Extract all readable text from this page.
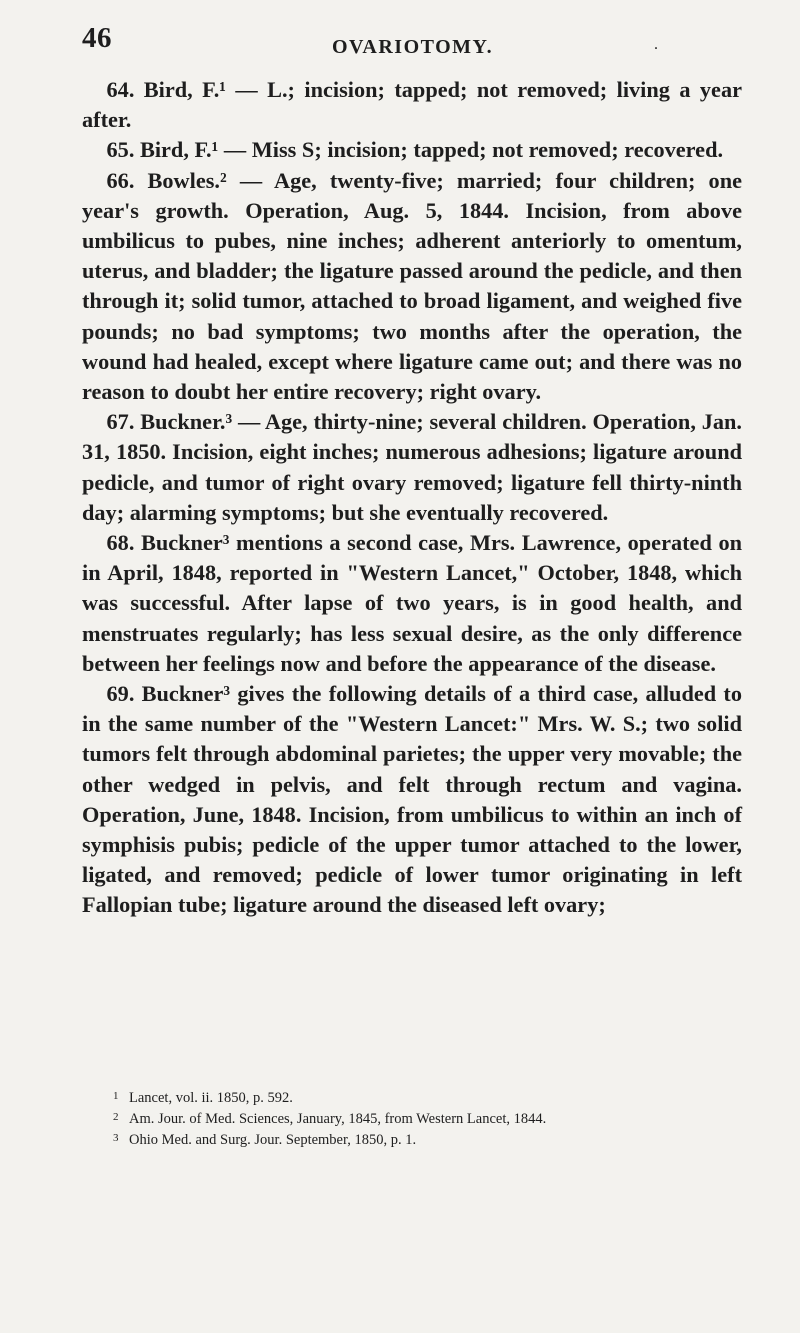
46	OVARIOTOMY.	.

64. Bird, F.¹ — L.; incision; tapped; not removed; living a year after.

65. Bird, F.¹ — Miss S; incision; tapped; not removed; recovered.

66. Bowles.² — Age, twenty-five; married; four children; one year's growth. Operation, Aug. 5, 1844. Incision, from above umbilicus to pubes, nine inches; adherent anteriorly to omentum, uterus, and bladder; the ligature passed around the pedicle, and then through it; solid tumor, attached to broad ligament, and weighed five pounds; no bad symptoms; two months after the operation, the wound had healed, except where ligature came out; and there was no reason to doubt her entire recovery; right ovary.

67. Buckner.³ — Age, thirty-nine; several children. Operation, Jan. 31, 1850. Incision, eight inches; numerous adhesions; ligature around pedicle, and tumor of right ovary removed; ligature fell thirty-ninth day; alarming symptoms; but she eventually recovered.

68. Buckner³ mentions a second case, Mrs. Lawrence, operated on in April, 1848, reported in "Western Lancet," October, 1848, which was successful. After lapse of two years, is in good health, and menstruates regularly; has less sexual desire, as the only difference between her feelings now and before the appearance of the disease.

69. Buckner³ gives the following details of a third case, alluded to in the same number of the "Western Lancet:" Mrs. W. S.; two solid tumors felt through abdominal parietes; the upper very movable; the other wedged in pelvis, and felt through rectum and vagina. Operation, June, 1848. Incision, from umbilicus to within an inch of symphisis pubis; pedicle of the upper tumor attached to the lower, ligated, and removed; pedicle of lower tumor originating in left Fallopian tube; ligature around the diseased left ovary;

1 Lancet, vol. ii. 1850, p. 592.
2 Am. Jour. of Med. Sciences, January, 1845, from Western Lancet, 1844.
3 Ohio Med. and Surg. Jour. September, 1850, p. 1.
